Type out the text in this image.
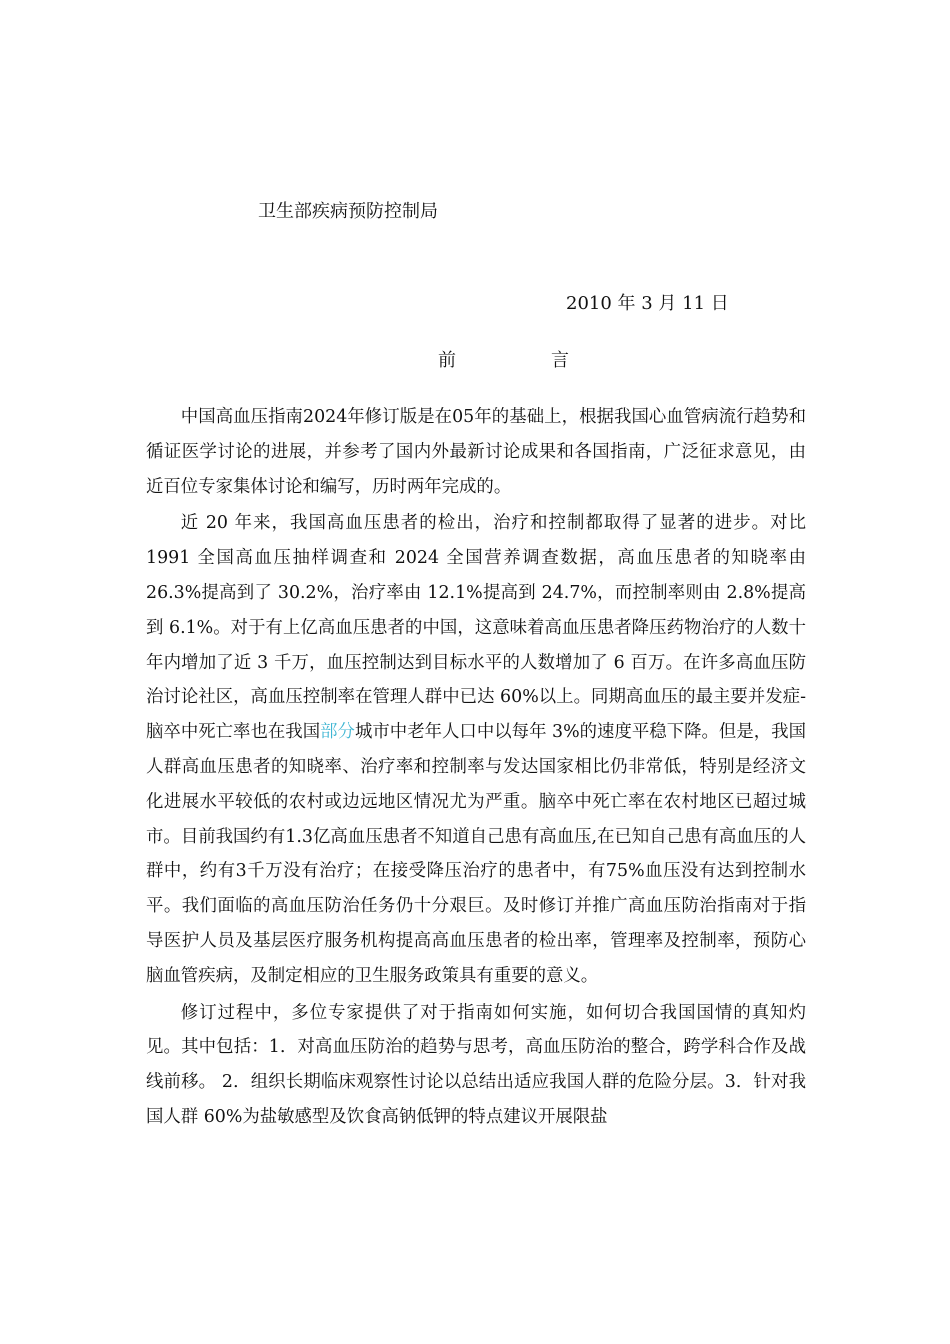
卫生部疾病预防控制局
2010 年 3 月 11 日
前	言

中国高血压指南2024年修订版是在05年的基础上，根据我国心血管病流行趋势和循证医学讨论的进展，并参考了国内外最新讨论成果和各国指南，广泛征求意见，由近百位专家集体讨论和编写，历时两年完成的。

近 20 年来，我国高血压患者的检出，治疗和控制都取得了显著的进步。对比 1991 全国高血压抽样调查和 2024 全国营养调查数据，高血压患者的知晓率由 26.3%提高到了 30.2%，治疗率由 12.1%提高到 24.7%，而控制率则由 2.8%提高到 6.1%。对于有上亿高血压患者的中国，这意味着高血压患者降压药物治疗的人数十年内增加了近 3 千万，血压控制达到目标水平的人数增加了 6 百万。在许多高血压防治讨论社区，高血压控制率在管理人群中已达 60%以上。同期高血压的最主要并发症-脑卒中死亡率也在我国部分城市中老年人口中以每年 3%的速度平稳下降。但是，我国人群高血压患者的知晓率、治疗率和控制率与发达国家相比仍非常低，特别是经济文化进展水平较低的农村或边远地区情况尤为严重。脑卒中死亡率在农村地区已超过城市。目前我国约有1.3亿高血压患者不知道自己患有高血压,在已知自己患有高血压的人群中，约有3千万没有治疗；在接受降压治疗的患者中，有75%血压没有达到控制水平。我们面临的高血压防治任务仍十分艰巨。及时修订并推广高血压防治指南对于指导医护人员及基层医疗服务机构提高高血压患者的检出率，管理率及控制率，预防心脑血管疾病，及制定相应的卫生服务政策具有重要的意义。

修订过程中，多位专家提供了对于指南如何实施，如何切合我国国情的真知灼见。其中包括：1．对高血压防治的趋势与思考，高血压防治的整合，跨学科合作及战线前移。 2．组织长期临床观察性讨论以总结出适应我国人群的危险分层。3．针对我国人群 60%为盐敏感型及饮食高钠低钾的特点建议开展限盐
